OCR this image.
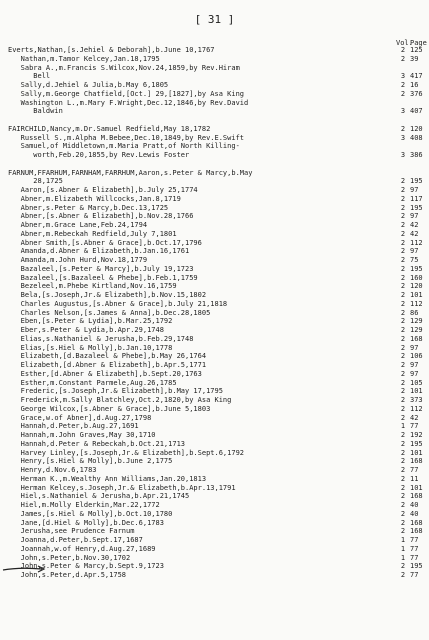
[ 31 ]
Vol.
Page
Everts,Nathan,[s.Jehiel & Deborah],b.June 10,1767	2 125
Nathan,m.Tamor Kelcey,Jan.18,1795	2 39
Sabra A.,m.Francis S.Wilcox,Nov.24,1859,by Rev.Hiram
Bell	3 417
Sally,d.Jehiel & Julia,b.May 6,1805	2 16
Sally,m.George Chatfield,[Oct.] 29,[1827],by Asa King	2 376
Washington L.,m.Mary F.Wright,Dec.12,1846,by Rev.David
Baldwin	3 407
FAIRCHILD,Nancy,m.Dr.Samuel Redfield,May 18,1782	2 120
Russell S.,m.Alpha M.Bebee,Dec.10,1849,by Rev.E.Swift	3 408
Samuel,of Middletown,m.Maria Pratt,of North Killing-
worth,Feb.20,1855,by Rev.Lewis Foster	3 386
FARNUM,FFARHUM,FARNHAM,FARRHUM,Aaron,s.Peter & Marcy,b.May
28,1725	2 195
Aaron,[s.Abner & Elizabeth],b.July 25,1774	2 97
Abner,m.Elizabeth Willcocks,Jan.8,1719	2 117
Abner,s.Peter & Marcy,b.Dec.13,1725	2 195
Abner,[s.Abner & Elizabeth],b.Nov.28,1766	2 97
Abner,m.Grace Lane,Feb.24,1794	2 42
Abner,m.Rebeckah Redfield,July 7,1801	2 42
Abner Smith,[s.Abner & Grace],b.Oct.17,1796	2 112
Amanda,d.Abner & Elizabeth,b.Jan.16,1761	2 97
Amanda,m.John Hurd,Nov.18,1779	2 75
Bazaleel,[s.Peter & Marcy],b.July 19,1723	2 195
Bazaleel,[s.Bazaleel & Phebe],b.Feb.1,1759	2 160
Bezeleel,m.Phebe Kirtland,Nov.16,1759	2 120
Bela,[s.Joseph,Jr.& Elizabeth],b.Nov.15,1802	2 101
Charles Augustus,[s.Abner & Grace],b.July 21,1818	2 112
Charles Nelson,[s.James & Anna],b.Dec.28,1805	2 86
Eben,[s.Peter & Lydia],b.Mar.25,1792	2 129
Eber,s.Peter & Lydia,b.Apr.29,1748	2 129
Elias,s.Nathaniel & Jerusha,b.Feb.29,1748	2 168
Elias,[s.Hiel & Molly],b.Jan.10,1778	2 97
Elizabeth,[d.Bazaleel & Phebe],b.May 26,1764	2 106
Elizabeth,[d.Abner & Elizabeth],b.Apr.5,1771	2 97
Esther,[d.Abner & Elizabeth],b.Sept.20,1763	2 97
Esther,m.Constant Parmele,Aug.26,1785	2 105
Frederic,[s.Joseph,Jr.& Elizabeth],b.May 17,1795	2 101
Frederick,m.Sally Blatchley,Oct.2,1820,by Asa King	2 373
George Wilcox,[s.Abner & Grace],b.June 5,1803	2 112
Grace,w.of Abner],d.Aug.27,1798	2 42
Hannah,d.Peter,b.Aug.27,1691	1 77
Hannah,m.John Graves,May 30,1710	2 192
Hannah,d.Peter & Rebeckah,b.Oct.21,1713	2 195
Harvey Linley,[s.Joseph,Jr.& Elizabeth],b.Sept.6,1792	2 101
Henry,[s.Hiel & Molly],b.June 2,1775	2 168
Henry,d.Nov.6,1783	2 77
Herman K.,m.Wealthy Ann Williams,Jan.20,1813	2 11
Herman Kelcey,s.Joseph,Jr.& Elizabeth,b.Apr.13,1791	2 101
Hiel,s.Nathaniel & Jerusha,b.Apr.21,1745	2 168
Hiel,m.Molly Elderkin,Mar.22,1772	2 40
James,[s.Hiel & Molly],b.Oct.10,1780	2 40
Jane,[d.Hiel & Molly],b.Dec.6,1783	2 168
Jerusha,see Prudence Farnum	2 168
Joanna,d.Peter,b.Sept.17,1687	1 77
Joannah,w.of Henry,d.Aug.27,1689	1 77
John,s.Peter,b.Nov.30,1702	1 77
John,s.Peter & Marcy,b.Sept.9,1723	2 195
John,s.Peter,d.Apr.5,1758	2 77
